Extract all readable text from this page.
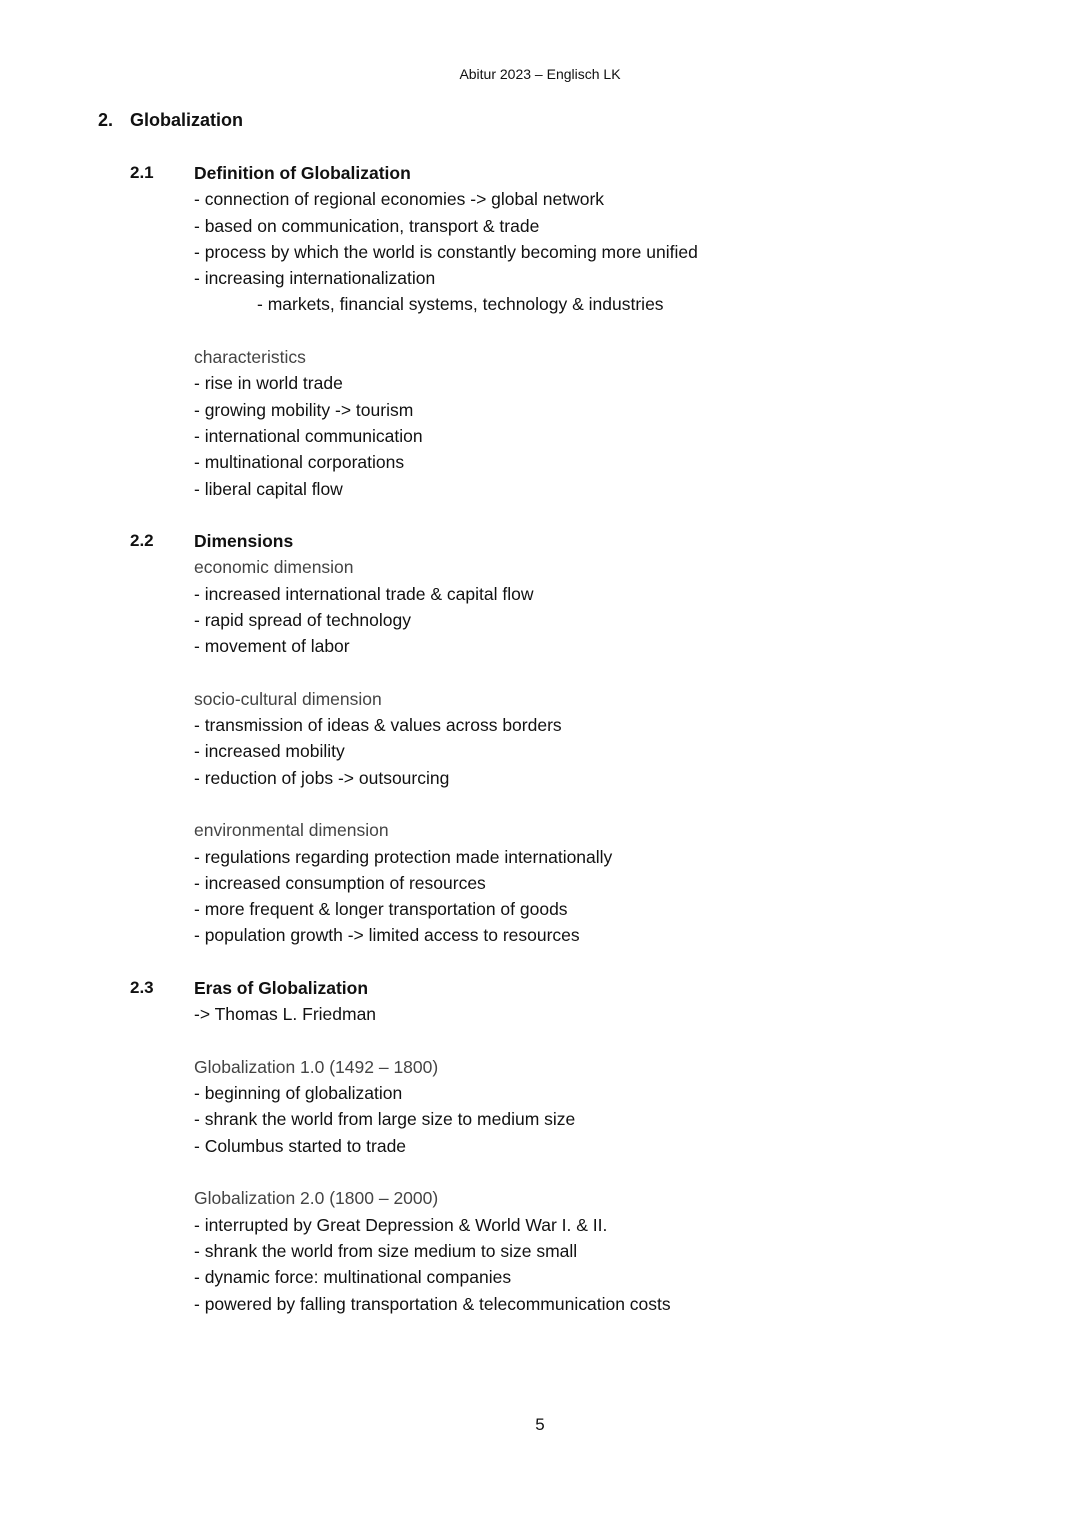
Abitur 2023 – Englisch LK
2. Globalization
2.1 Definition of Globalization
- connection of regional economies -> global network
- based on communication, transport & trade
- process by which the world is constantly becoming more unified
- increasing internationalization
- markets, financial systems, technology & industries
characteristics
- rise in world trade
- growing mobility -> tourism
- international communication
- multinational corporations
- liberal capital flow
2.2 Dimensions
economic dimension
- increased international trade & capital flow
- rapid spread of technology
- movement of labor
socio-cultural dimension
- transmission of ideas & values across borders
- increased mobility
- reduction of jobs -> outsourcing
environmental dimension
- regulations regarding protection made internationally
- increased consumption of resources
- more frequent & longer transportation of goods
- population growth -> limited access to resources
2.3 Eras of Globalization
-> Thomas L. Friedman
Globalization 1.0 (1492 – 1800)
- beginning of globalization
- shrank the world from large size to medium size
- Columbus started to trade
Globalization 2.0 (1800 – 2000)
- interrupted by Great Depression & World War I. & II.
- shrank the world from size medium to size small
- dynamic force: multinational companies
- powered by falling transportation & telecommunication costs
5
